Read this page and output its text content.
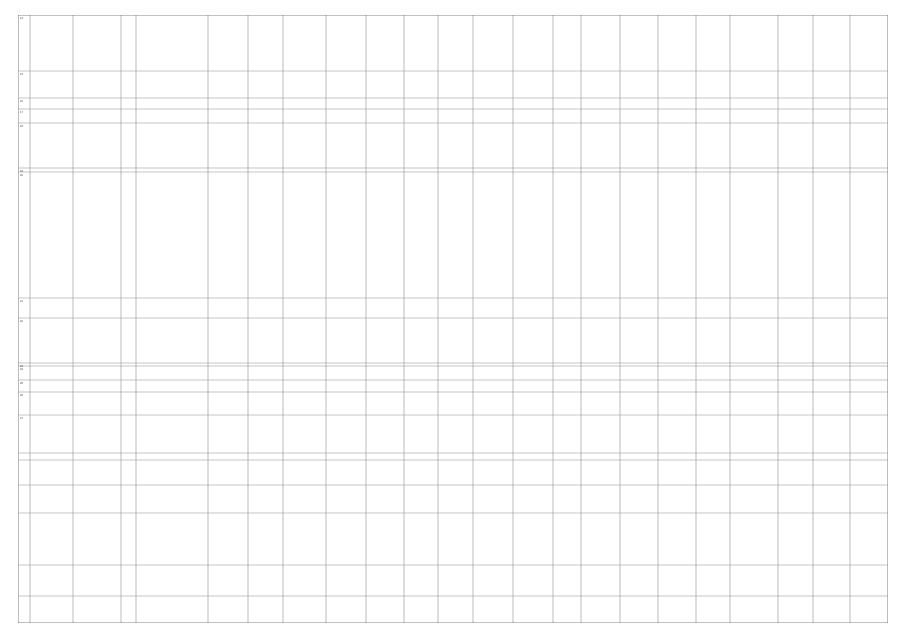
14
15
16
17
18
19
20
21
22
23
24
25
26
27
